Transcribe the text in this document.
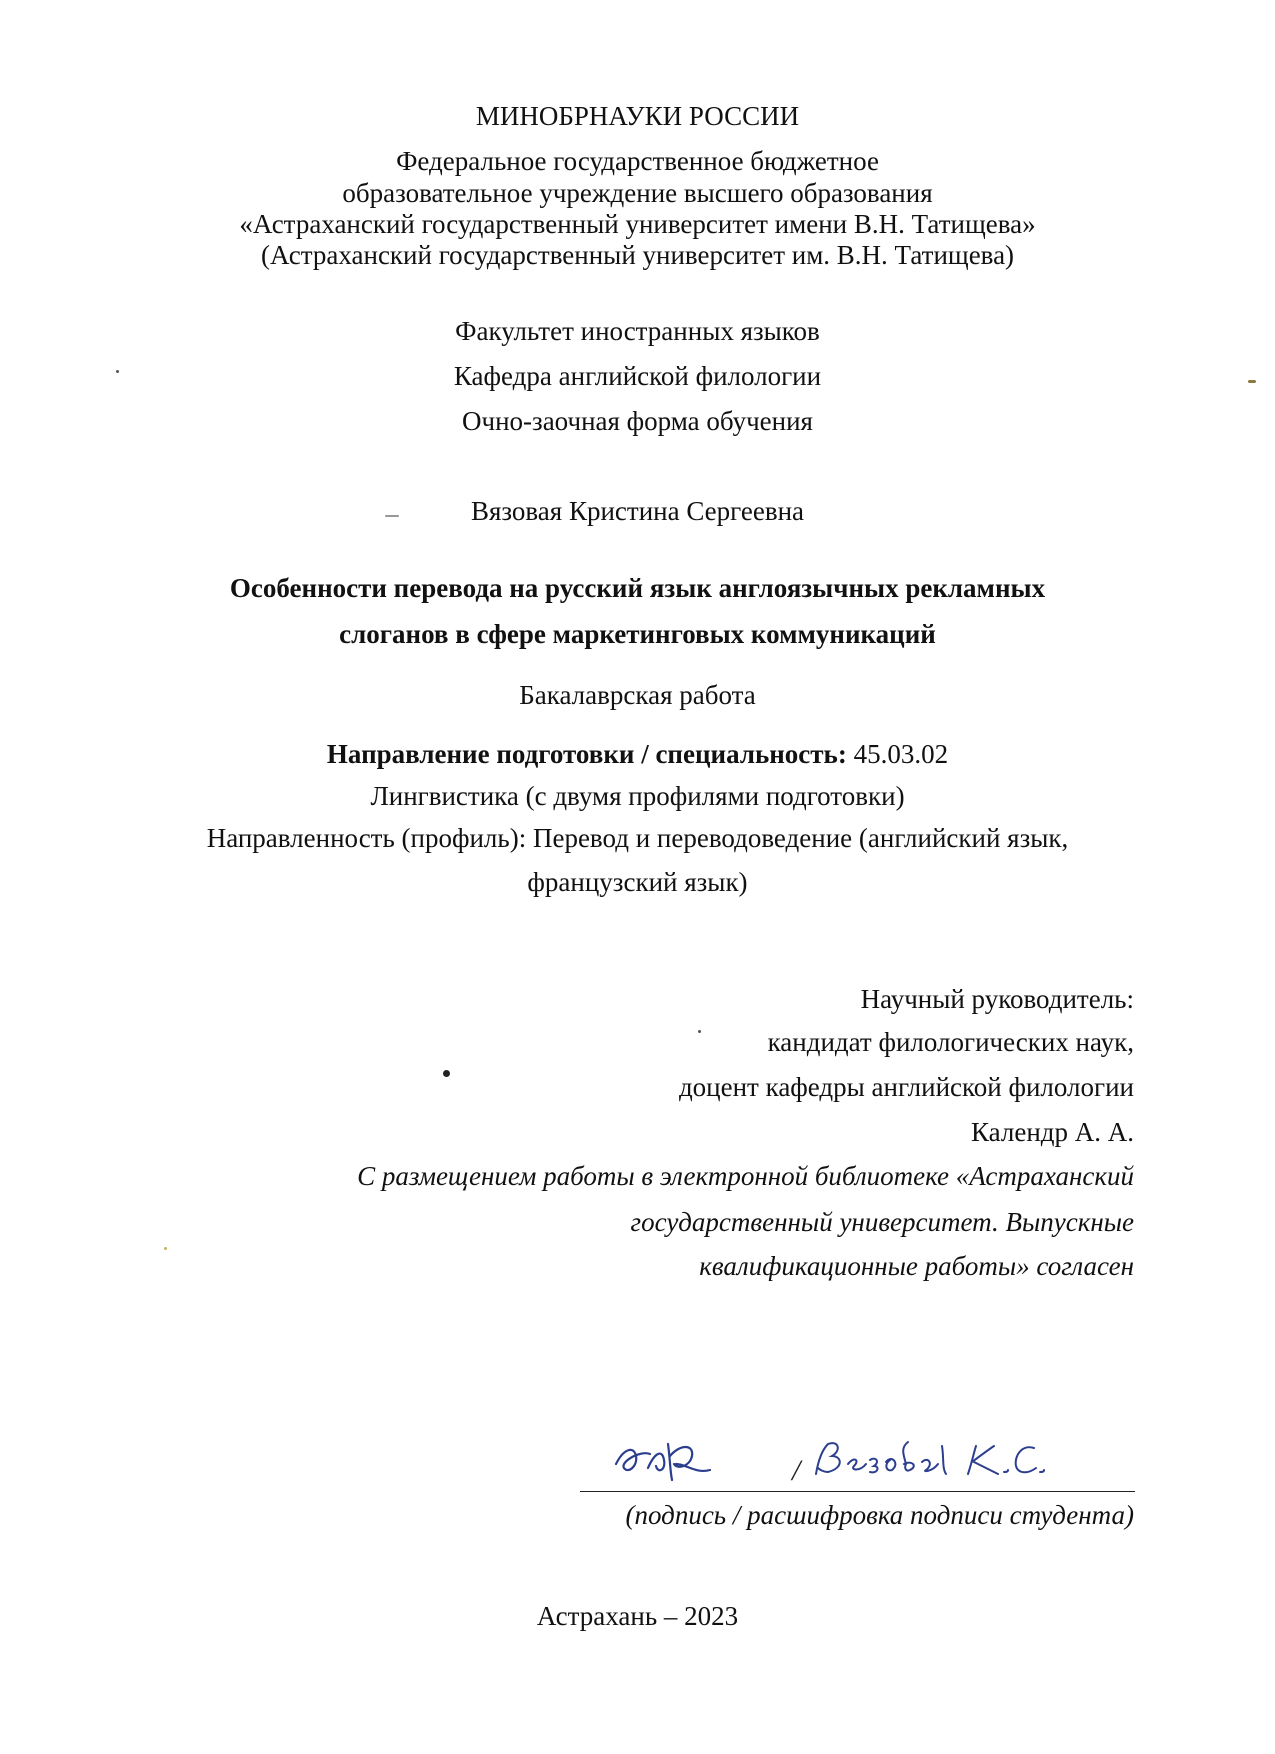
МИНОБРНАУКИ РОССИИ
Федеральное государственное бюджетное
образовательное учреждение высшего образования
«Астраханский государственный университет имени В.Н. Татищева»
(Астраханский государственный университет им. В.Н. Татищева)
Факультет иностранных языков
Кафедра английской филологии
Очно-заочная форма обучения
Вязовая Кристина Сергеевна
Особенности перевода на русский язык англоязычных рекламных
слоганов в сфере маркетинговых коммуникаций
Бакалаврская работа
Направление подготовки / специальность: 45.03.02
Лингвистика (с двумя профилями подготовки)
Направленность (профиль): Перевод и переводоведение (английский язык,
французский язык)
Научный руководитель:
кандидат филологических наук,
доцент кафедры английской филологии
Календр А. А.
С размещением работы в электронной библиотеке «Астраханский
государственный университет. Выпускные
квалификационные работы» согласен
/
(подпись / расшифровка подписи студента)
Астрахань – 2023
